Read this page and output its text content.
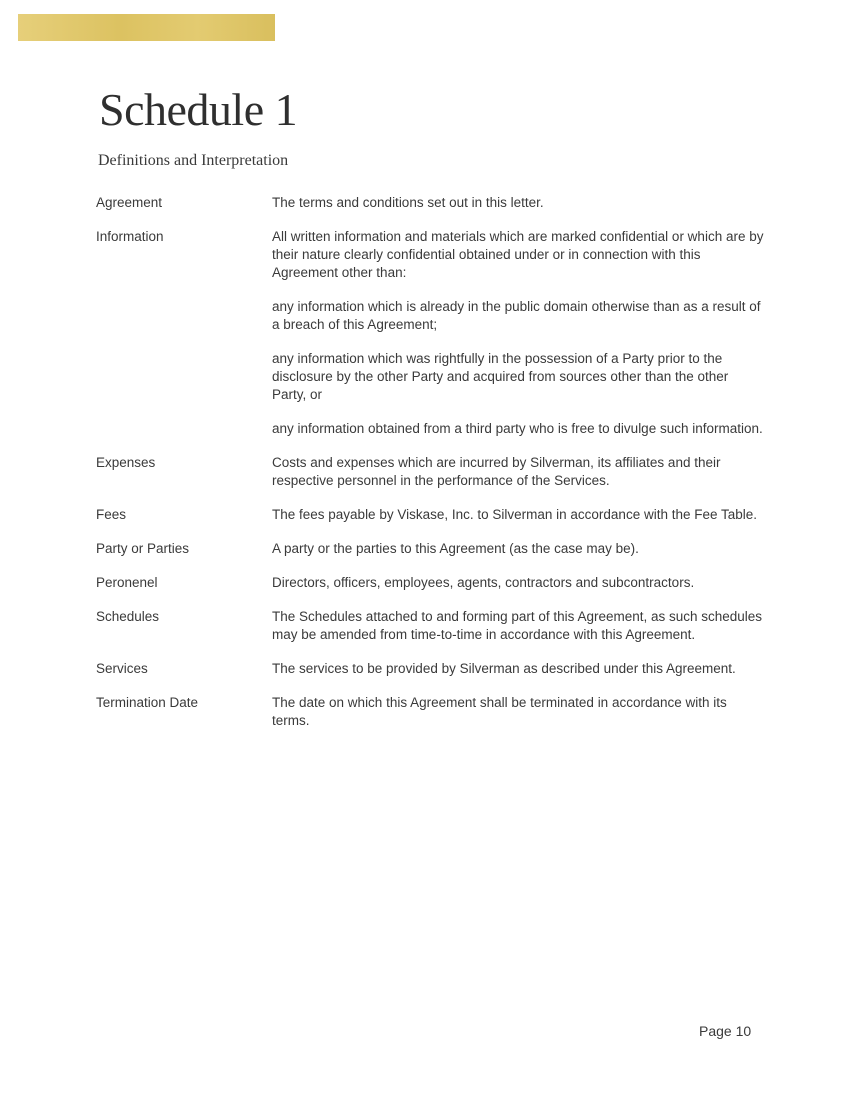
Schedule 1
Definitions and Interpretation
Agreement	The terms and conditions set out in this letter.

Information	All written information and materials which are marked confidential or which are by their nature clearly confidential obtained under or in connection with this Agreement other than:

any information which is already in the public domain otherwise than as a result of a breach of this Agreement;

any information which was rightfully in the possession of a Party prior to the disclosure by the other Party and acquired from sources other than the other Party, or

any information obtained from a third party who is free to divulge such information.

Expenses	Costs and expenses which are incurred by Silverman, its affiliates and their respective personnel in the performance of the Services.

Fees	The fees payable by Viskase, Inc. to Silverman in accordance with the Fee Table.

Party or Parties	A party or the parties to this Agreement (as the case may be).

Peronenel	Directors, officers, employees, agents, contractors and subcontractors.

Schedules	The Schedules attached to and forming part of this Agreement, as such schedules may be amended from time-to-time in accordance with this Agreement.

Services	The services to be provided by Silverman as described under this Agreement.

Termination Date	The date on which this Agreement shall be terminated in accordance with its terms.

Page 10
